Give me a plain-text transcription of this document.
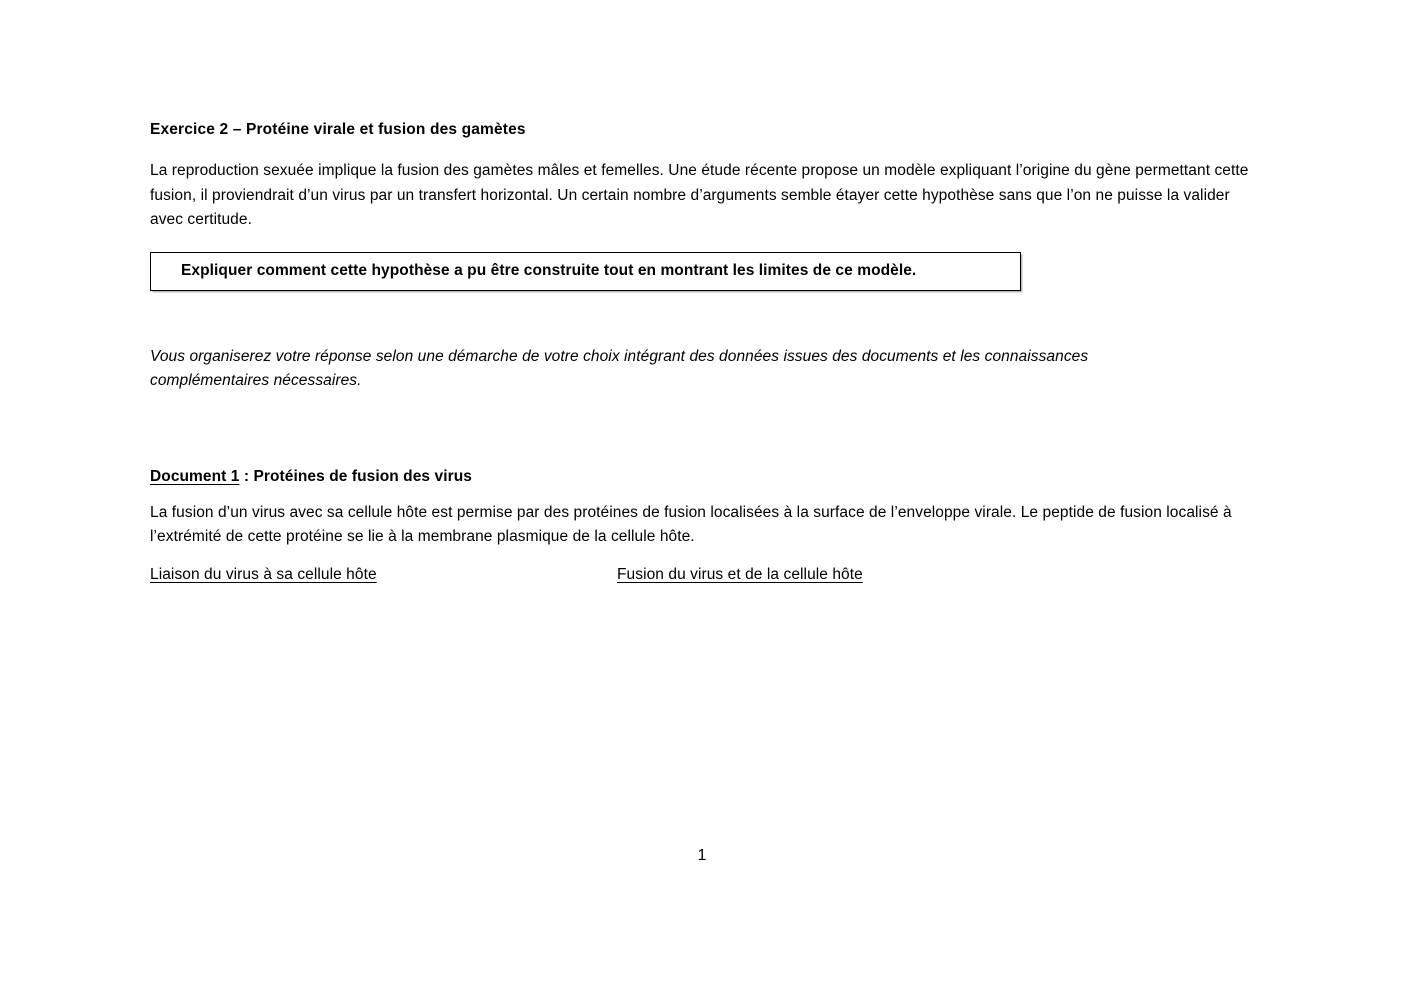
Exercice 2 – Protéine virale et fusion des gamètes

La reproduction sexuée implique la fusion des gamètes mâles et femelles. Une étude récente propose un modèle expliquant l’origine du gène permettant cette fusion, il proviendrait d’un virus par un transfert horizontal. Un certain nombre d’arguments semble étayer cette hypothèse sans que l’on ne puisse la valider avec certitude.

Expliquer comment cette hypothèse a pu être construite tout en montrant les limites de ce modèle.

Vous organiserez votre réponse selon une démarche de votre choix intégrant des données issues des documents et les connaissances complémentaires nécessaires.

Document 1 : Protéines de fusion des virus

La fusion d’un virus avec sa cellule hôte est permise par des protéines de fusion localisées à la surface de l’enveloppe virale. Le peptide de fusion localisé à l’extrémité de cette protéine se lie à la membrane plasmique de la cellule hôte.

Liaison du virus à sa cellule hôte	Fusion du virus et de la cellule hôte
1
